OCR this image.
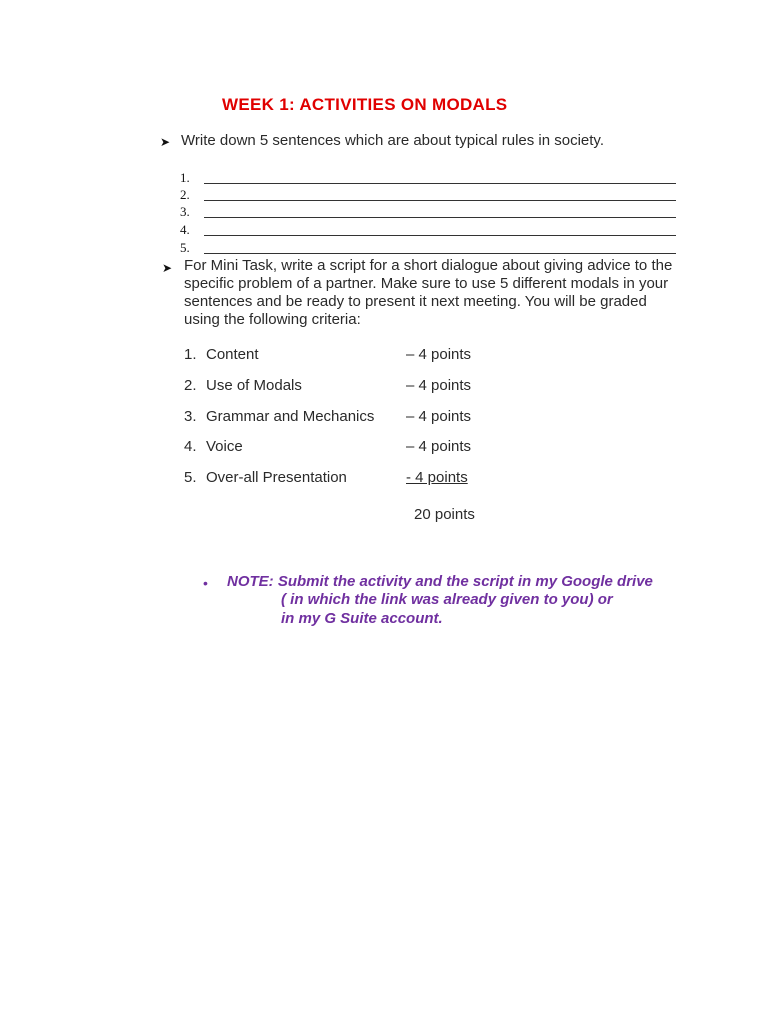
WEEK 1: ACTIVITIES ON MODALS
➤ Write down 5 sentences which are about typical rules in society.
1.
2.
3.
4.
5.
➤ For Mini Task, write a script for a short dialogue about giving advice to the
specific problem of a partner. Make sure to use 5 different modals in your
sentences and be ready to present it next meeting. You will be graded
using the following criteria:
1. Content	– 4 points
2. Use of Modals	– 4 points
3. Grammar and Mechanics – 4 points
4. Voice	– 4 points
5. Over-all Presentation	- 4 points
20 points
• NOTE: Submit the activity and the script in my Google drive
( in which the link was already given to you) or
in my G Suite account.
